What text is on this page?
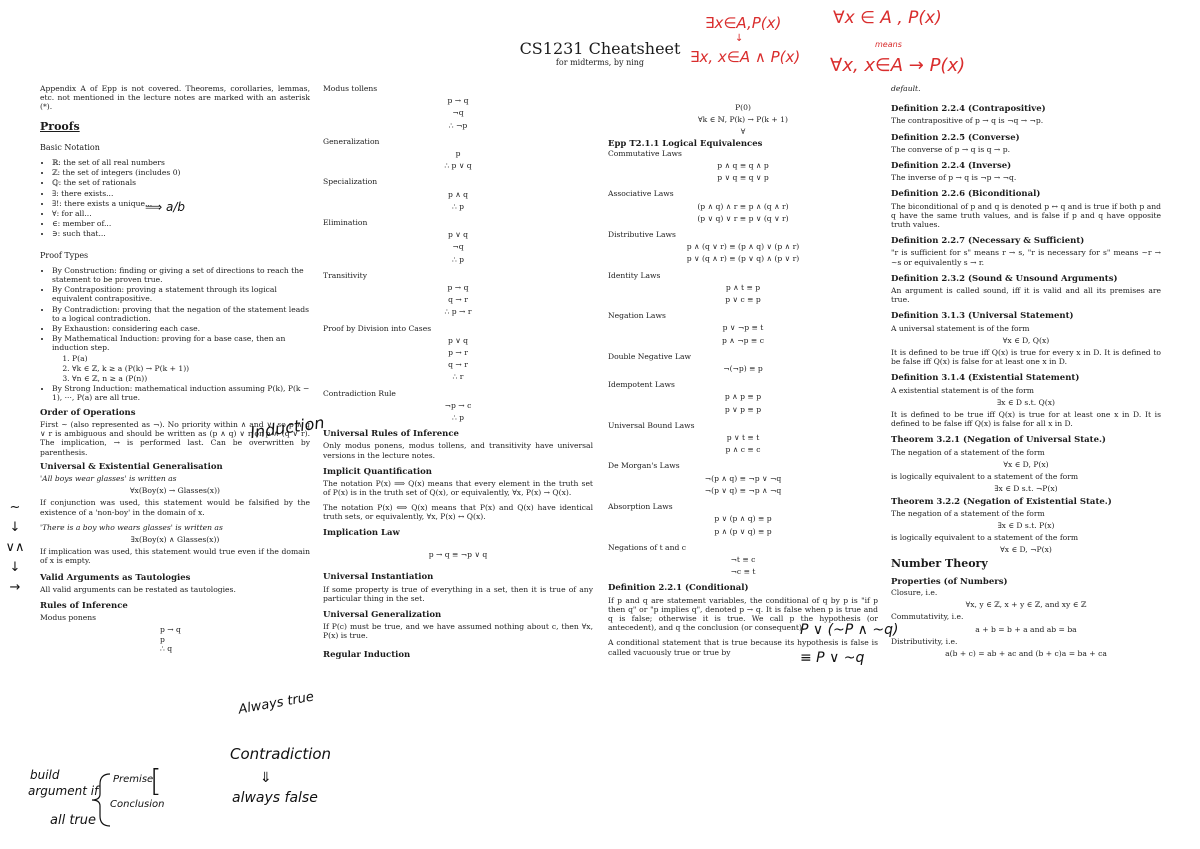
CS1231 Cheatsheet
for midterms, by ning
Appendix A of Epp is not covered. Theorems, corollaries, lemmas, etc. not mentioned in the lecture notes are marked with an asterisk (*).
Proofs
Basic Notation
• ℝ: the set of all real numbers
• ℤ: the set of integers (includes 0)
• ℚ: the set of rationals
• ∃: there exists...
• ∃!: there exists a unique...
• ∀: for all...
• ∈: member of...
• ∋: such that...
Proof Types
• By Construction: finding or giving a set of directions to reach the statement to be proven true.
• By Contraposition: proving a statement through its logical equivalent contrapositive.
• By Contradiction: proving that the negation of the statement leads to a logical contradiction.
• By Exhaustion: considering each case.
• By Mathematical Induction: proving for a base case, then an induction step.
1. P(a)
2. ∀k ∈ ℤ, k ≥ a (P(k) → P(k + 1))
3. ∀n ∈ ℤ, n ≥ a (P(n))
• By Strong Induction: mathematical induction assuming P(k), P(k − 1), ···, P(a) are all true.
Order of Operations
First ~ (also represented as ¬). No priority within ∧ and ∨, so p ∧ q ∨ r is ambiguous and should be written as (p ∧ q) ∨ r or p ∧ (q ∨ r). The implication, → is performed last. Can be overwritten by parenthesis.
Universal & Existential Generalisation
'All boys wear glasses' is written as
∀x(Boy(x) → Glasses(x))
If conjunction was used, this statement would be falsified by the existence of a 'non-boy' in the domain of x.
'There is a boy who wears glasses' is written as
∃x(Boy(x) ∧ Glasses(x))
If implication was used, this statement would true even if the domain of x is empty.
Valid Arguments as Tautologies
All valid arguments can be restated as tautologies.
Rules of Inference
Modus ponens
p → q
p
∴ q
Modus tollens
p → q
¬q
∴ ¬p
Generalization
p
∴ p ∨ q
Specialization
p ∧ q
∴ p
Elimination
p ∨ q
¬q
∴ p
Transitivity
p → q
q → r
∴ p → r
Proof by Division into Cases
p ∨ q
p → r
q → r
∴ r
Contradiction Rule
¬p → c
∴ p
Universal Rules of Inference
Only modus ponens, modus tollens, and transitivity have universal versions in the lecture notes.
Implicit Quantification
The notation P(x) ⟹ Q(x) means that every element in the truth set of P(x) is in the truth set of Q(x), or equivalently, ∀x, P(x) → Q(x).
The notation P(x) ⟺ Q(x) means that P(x) and Q(x) have identical truth sets, or equivalently, ∀x, P(x) ↔ Q(x).
Implication Law
p → q ≡ ¬p ∨ q
Universal Instantiation
If some property is true of everything in a set, then it is true of any particular thing in the set.
Universal Generalization
If P(c) must be true, and we have assumed nothing about c, then ∀x, P(x) is true.
Regular Induction
P(0)
∀k ∈ ℕ, P(k) → P(k + 1)
∀
Epp T2.1.1 Logical Equivalences
Commutative Laws
p ∧ q ≡ q ∧ p
p ∨ q ≡ q ∨ p
Associative Laws
(p ∧ q) ∧ r ≡ p ∧ (q ∧ r)
(p ∨ q) ∨ r ≡ p ∨ (q ∨ r)
Distributive Laws
p ∧ (q ∨ r) ≡ (p ∧ q) ∨ (p ∧ r)
p ∨ (q ∧ r) ≡ (p ∨ q) ∧ (p ∨ r)
Identity Laws
p ∧ t ≡ p
p ∨ c ≡ p
Negation Laws
p ∨ ¬p ≡ t
p ∧ ¬p ≡ c
Double Negative Law
¬(¬p) ≡ p
Idempotent Laws
p ∧ p ≡ p
p ∨ p ≡ p
Universal Bound Laws
p ∨ t ≡ t
p ∧ c ≡ c
De Morgan's Laws
¬(p ∧ q) ≡ ¬p ∨ ¬q
¬(p ∨ q) ≡ ¬p ∧ ¬q
Absorption Laws
p ∨ (p ∧ q) ≡ p
p ∧ (p ∨ q) ≡ p
Negations of t and c
¬t ≡ c
¬c ≡ t
Definition 2.2.1 (Conditional)
If p and q are statement variables, the conditional of q by p is "if p then q" or "p implies q", denoted p → q. It is false when p is true and q is false; otherwise it is true. We call p the hypothesis (or antecedent), and q the conclusion (or consequent).
A conditional statement that is true because its hypothesis is false is called vacuously true or true by
default.
Definition 2.2.4 (Contrapositive)
The contrapositive of p → q is ¬q → ¬p.
Definition 2.2.5 (Converse)
The converse of p → q is q → p.
Definition 2.2.4 (Inverse)
The inverse of p → q is ¬p → ¬q.
Definition 2.2.6 (Biconditional)
The biconditional of p and q is denoted p ↔ q and is true if both p and q have the same truth values, and is false if p and q have opposite truth values.
Definition 2.2.7 (Necessary & Sufficient)
"r is sufficient for s" means r → s, "r is necessary for s" means ~r → ~s or equivalently s → r.
Definition 2.3.2 (Sound & Unsound Arguments)
An argument is called sound, iff it is valid and all its premises are true.
Definition 3.1.3 (Universal Statement)
A universal statement is of the form
∀x ∈ D, Q(x)
It is defined to be true iff Q(x) is true for every x in D. It is defined to be false iff Q(x) is false for at least one x in D.
Definition 3.1.4 (Existential Statement)
A existential statement is of the form
∃x ∈ D s.t. Q(x)
It is defined to be true iff Q(x) is true for at least one x in D. It is defined to be false iff Q(x) is false for all x in D.
Theorem 3.2.1 (Negation of Universal State.)
The negation of a statement of the form
∀x ∈ D, P(x)
is logically equivalent to a statement of the form
∃x ∈ D s.t. ¬P(x)
Theorem 3.2.2 (Negation of Existential State.)
The negation of a statement of the form
∃x ∈ D s.t. P(x)
is logically equivalent to a statement of the form
∀x ∈ D, ¬P(x)
Number Theory
Properties (of Numbers)
Closure, i.e.
∀x, y ∈ ℤ, x + y ∈ ℤ, and xy ∈ ℤ
Commutativity, i.e.
a + b = b + a and ab = ba
Distributivity, i.e.
a(b + c) = ab + ac and (b + c)a = ba + ca
∃x∈A,P(x)
↓
∃x, x∈A ∧ P(x)
∀x ∈ A , P(x)
means
∀x, x∈A → P(x)
⟹ a/b
Induction
Always true
Contradiction
⇓
always false
build
argument if
all true
Premise
Conclusion
[
P ∨ (~P ∧ ~q)
≡ P ∨ ~q
~ ↓ ∨∧ ↓ →
